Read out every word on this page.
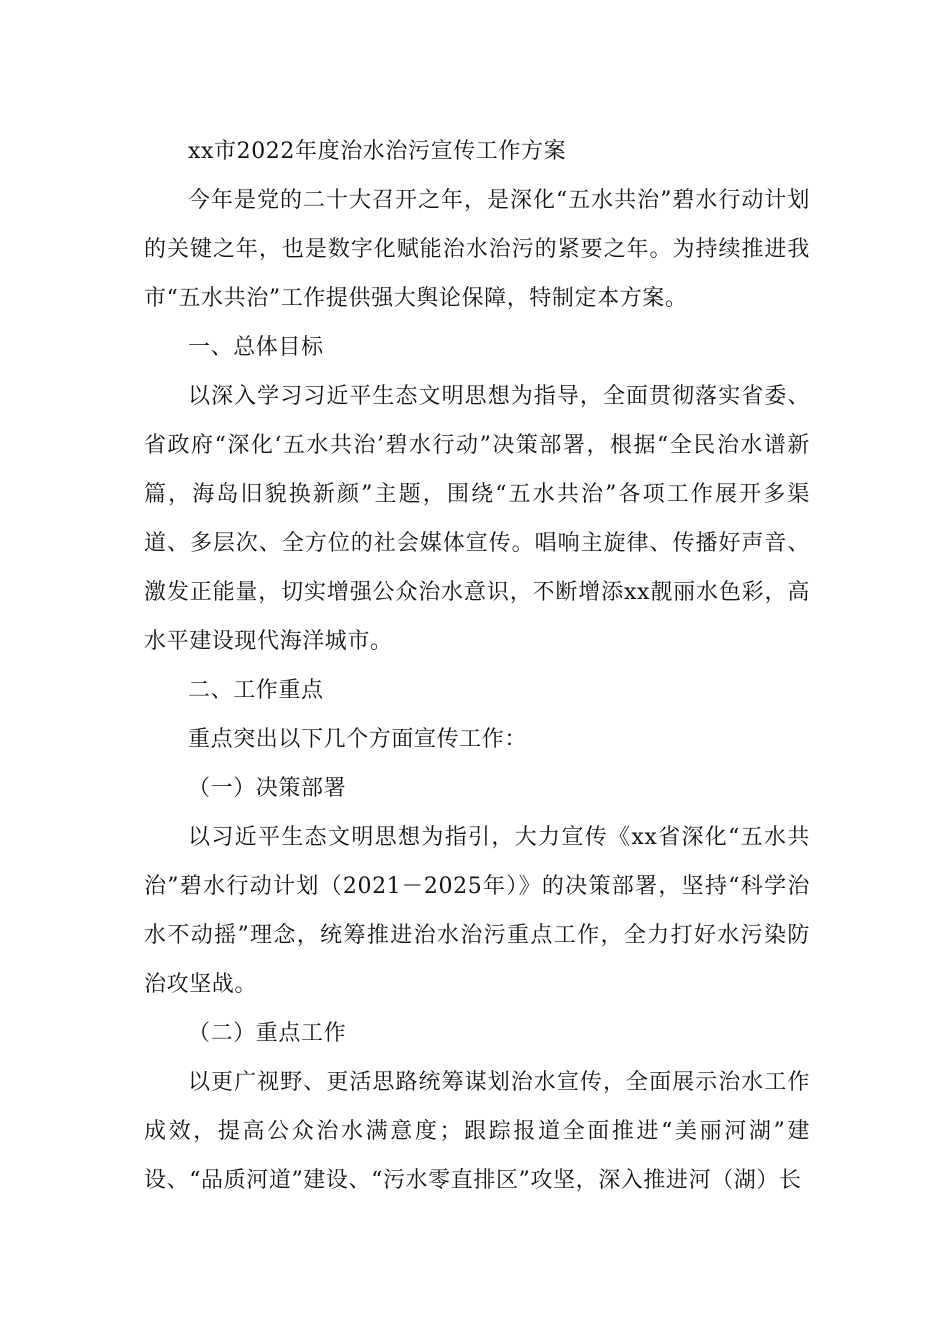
xx市2022年度治水治污宣传工作方案

今年是党的二十大召开之年，是深化“五水共治”碧水行动计划的关键之年，也是数字化赋能治水治污的紧要之年。为持续推进我市“五水共治”工作提供强大舆论保障，特制定本方案。

一、总体目标

以深入学习习近平生态文明思想为指导，全面贯彻落实省委、省政府“深化‘五水共治’碧水行动”决策部署，根据“全民治水谱新篇，海岛旧貌换新颜”主题，围绕“五水共治”各项工作展开多渠道、多层次、全方位的社会媒体宣传。唱响主旋律、传播好声音、激发正能量，切实增强公众治水意识，不断增添xx靓丽水色彩，高水平建设现代海洋城市。

二、工作重点

重点突出以下几个方面宣传工作：

（一）决策部署

以习近平生态文明思想为指引，大力宣传《xx省深化“五水共治”碧水行动计划（2021－2025年）》的决策部署，坚持“科学治水不动摇”理念，统筹推进治水治污重点工作，全力打好水污染防治攻坚战。

（二）重点工作

以更广视野、更活思路统筹谋划治水宣传，全面展示治水工作成效，提高公众治水满意度；跟踪报道全面推进“美丽河湖”建设、“品质河道”建设、“污水零直排区”攻坚，深入推进河（湖）长
